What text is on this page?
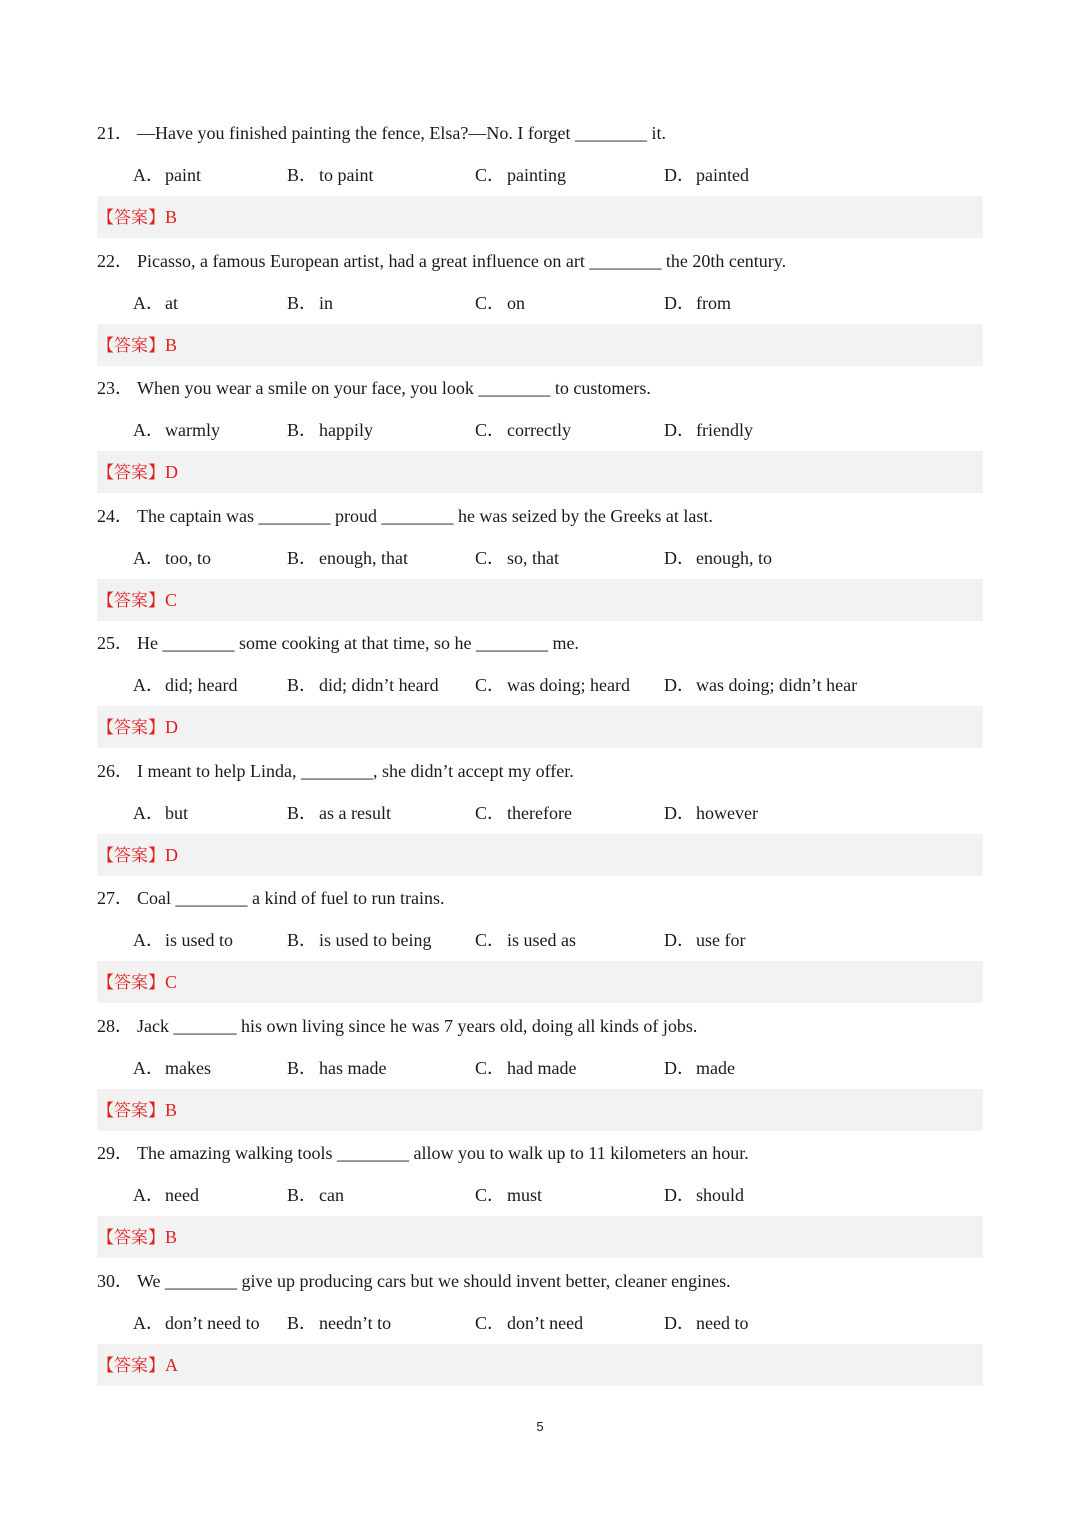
21． —Have you finished painting the fence, Elsa?—No. I forget ________ it.
A．paint	B． to paint	C． painting	D．painted
【答案】B
22． Picasso, a famous European artist, had a great influence on art ________ the 20th century.
A．at	B． in	C． on	D．from
【答案】B
23． When you wear a smile on your face, you look ________ to customers.
A．warmly	B． happily	C． correctly	D．friendly
【答案】D
24． The captain was ________ proud ________ he was seized by the Greeks at last.
A．too, to	B． enough, that	C． so, that	D．enough, to
【答案】C
25． He ________ some cooking at that time, so he ________ me.
A．did; heard	B． did; didn’t heard C． was doing; heard D．was doing; didn’t hear
【答案】D
26． I meant to help Linda, ________, she didn’t accept my offer.
A．but	B． as a result	C． therefore	D．however
【答案】D
27． Coal ________ a kind of fuel to run trains.
A．is used to	B． is used to being C． is used as	D．use for
【答案】C
28． Jack _______ his own living since he was 7 years old, doing all kinds of jobs.
A．makes	B． has made	C． had made	D．made
【答案】B
29． The amazing walking tools ________ allow you to walk up to 11 kilometers an hour.
A．need	B． can	C． must	D．should
【答案】B
30． We ________ give up producing cars but we should invent better, cleaner engines.
A．don’t need to B． needn’t to	C． don’t need	D．need to
【答案】A
5
